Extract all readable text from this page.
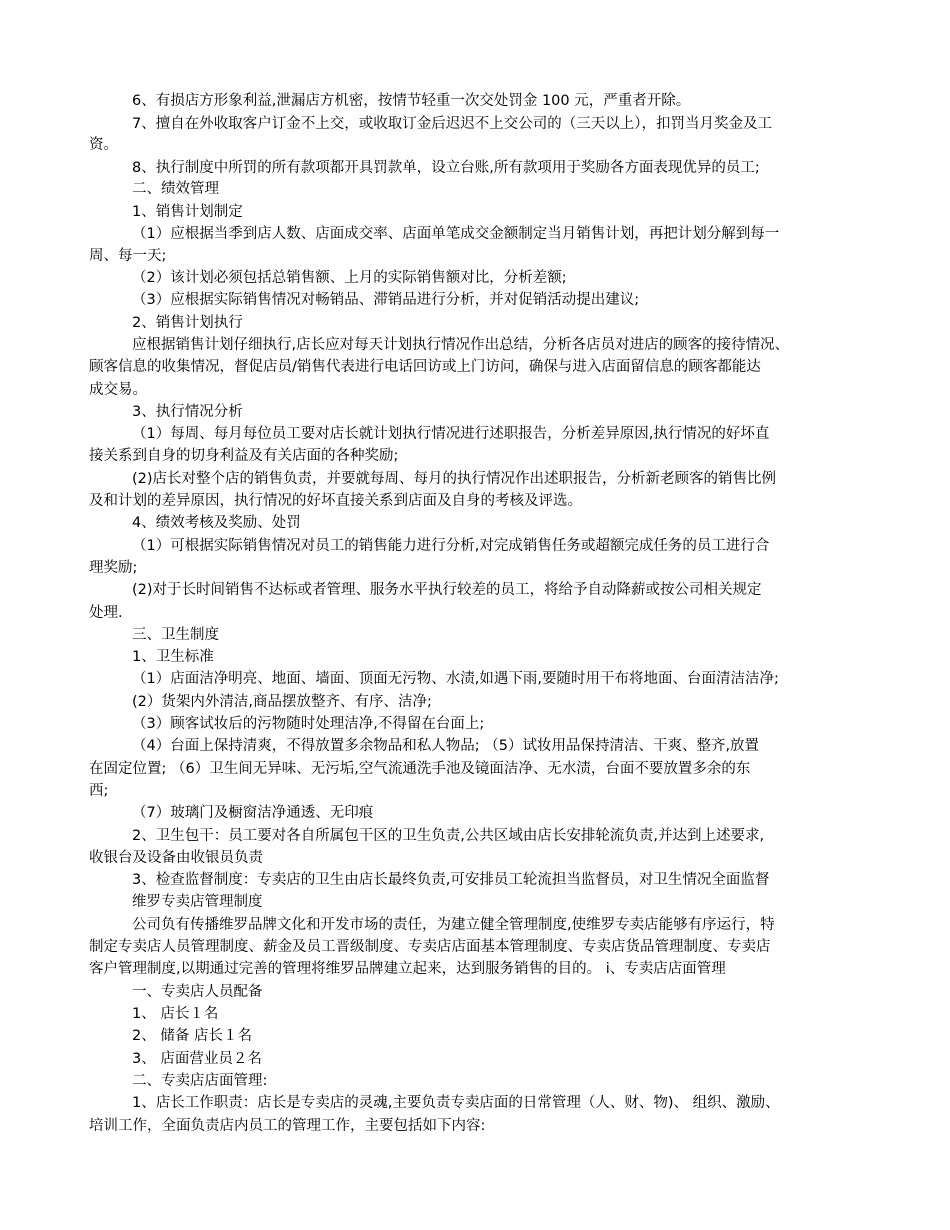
6、有损店方形象利益,泄漏店方机密，按情节轻重一次交处罚金 100 元，严重者开除。
7、擅自在外收取客户订金不上交，或收取订金后迟迟不上交公司的（三天以上），扣罚当月奖金及工
资。
8、执行制度中所罚的所有款项都开具罚款单，设立台账,所有款项用于奖励各方面表现优异的员工;
二、绩效管理
1、销售计划制定
（1）应根据当季到店人数、店面成交率、店面单笔成交金额制定当月销售计划，再把计划分解到每一
周、每一天;
（2）该计划必须包括总销售额、上月的实际销售额对比，分析差额;
（3）应根据实际销售情况对畅销品、滞销品进行分析，并对促销活动提出建议;
2、销售计划执行
应根据销售计划仔细执行,店长应对每天计划执行情况作出总结，分析各店员对进店的顾客的接待情况、
顾客信息的收集情况，督促店员/销售代表进行电话回访或上门访问，确保与进入店面留信息的顾客都能达
成交易。
3、执行情况分析
（1）每周、每月每位员工要对店长就计划执行情况进行述职报告，分析差异原因,执行情况的好坏直
接关系到自身的切身利益及有关店面的各种奖励;
(2)店长对整个店的销售负责，并要就每周、每月的执行情况作出述职报告，分析新老顾客的销售比例
及和计划的差异原因，执行情况的好坏直接关系到店面及自身的考核及评选。
4、绩效考核及奖励、处罚
（1）可根据实际销售情况对员工的销售能力进行分析,对完成销售任务或超额完成任务的员工进行合
理奖励;
(2)对于长时间销售不达标或者管理、服务水平执行较差的员工，将给予自动降薪或按公司相关规定
处理.
三、卫生制度
1、卫生标准
（1）店面洁净明亮、地面、墙面、顶面无污物、水渍,如遇下雨,要随时用干布将地面、台面清洁洁净;
(2）货架内外清洁,商品摆放整齐、有序、洁净;
（3）顾客试妆后的污物随时处理洁净,不得留在台面上;
（4）台面上保持清爽，不得放置多余物品和私人物品; （5）试妆用品保持清洁、干爽、整齐,放置
在固定位置; （6）卫生间无异味、无污垢,空气流通洗手池及镜面洁净、无水渍，台面不要放置多余的东
西;
（7）玻璃门及橱窗洁净通透、无印痕
2、卫生包干：员工要对各自所属包干区的卫生负责,公共区域由店长安排轮流负责,并达到上述要求,
收银台及设备由收银员负责
3、检查监督制度：专卖店的卫生由店长最终负责,可安排员工轮流担当监督员，对卫生情况全面监督
维罗专卖店管理制度
公司负有传播维罗品牌文化和开发市场的责任，为建立健全管理制度,使维罗专卖店能够有序运行，特
制定专卖店人员管理制度、薪金及员工晋级制度、专卖店店面基本管理制度、专卖店货品管理制度、专卖店
客户管理制度,以期通过完善的管理将维罗品牌建立起来，达到服务销售的目的。 i、专卖店店面管理
一、专卖店人员配备
1、 店长１名
2、 储备 店长１名
3、 店面营业员２名
二、专卖店店面管理:
1、店长工作职责：店长是专卖店的灵魂,主要负责专卖店面的日常管理（人、财、物)、 组织、激励、
培训工作，全面负责店内员工的管理工作，主要包括如下内容:
